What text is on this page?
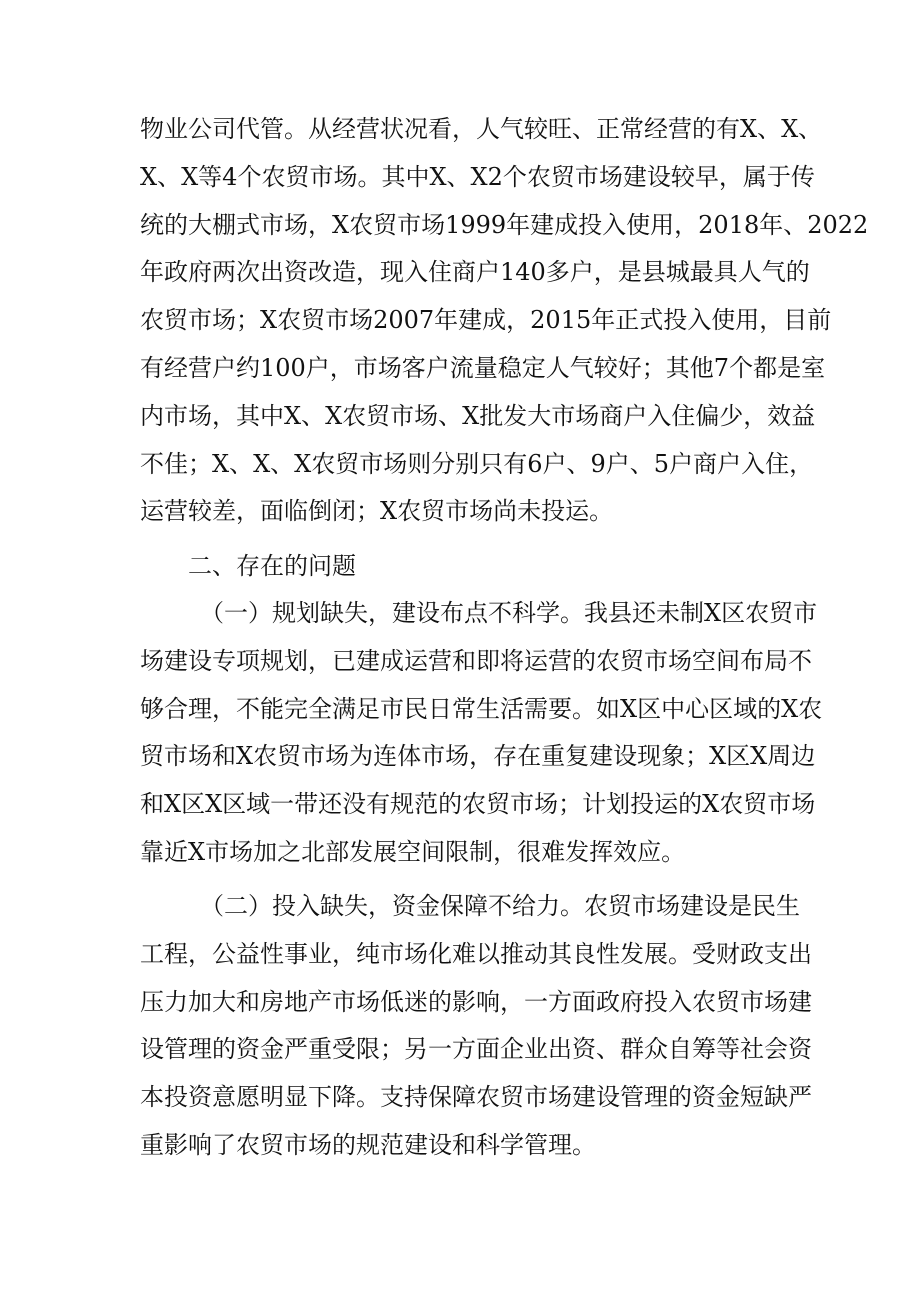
物业公司代管。从经营状况看，人气较旺、正常经营的有X、X、
X、X等4个农贸市场。其中X、X2个农贸市场建设较早，属于传
统的大棚式市场，X农贸市场1999年建成投入使用，2018年、2022
年政府两次出资改造，现入住商户140多户，是县城最具人气的
农贸市场；X农贸市场2007年建成，2015年正式投入使用，目前
有经营户约100户，市场客户流量稳定人气较好；其他7个都是室
内市场，其中X、X农贸市场、X批发大市场商户入住偏少，效益
不佳；X、X、X农贸市场则分别只有6户、9户、5户商户入住，
运营较差，面临倒闭；X农贸市场尚未投运。
二、存在的问题
（一）规划缺失，建设布点不科学。我县还未制X区农贸市
场建设专项规划，已建成运营和即将运营的农贸市场空间布局不
够合理，不能完全满足市民日常生活需要。如X区中心区域的X农
贸市场和X农贸市场为连体市场，存在重复建设现象；X区X周边
和X区X区域一带还没有规范的农贸市场；计划投运的X农贸市场
靠近X市场加之北部发展空间限制，很难发挥效应。
（二）投入缺失，资金保障不给力。农贸市场建设是民生
工程，公益性事业，纯市场化难以推动其良性发展。受财政支出
压力加大和房地产市场低迷的影响，一方面政府投入农贸市场建
设管理的资金严重受限；另一方面企业出资、群众自筹等社会资
本投资意愿明显下降。支持保障农贸市场建设管理的资金短缺严
重影响了农贸市场的规范建设和科学管理。
